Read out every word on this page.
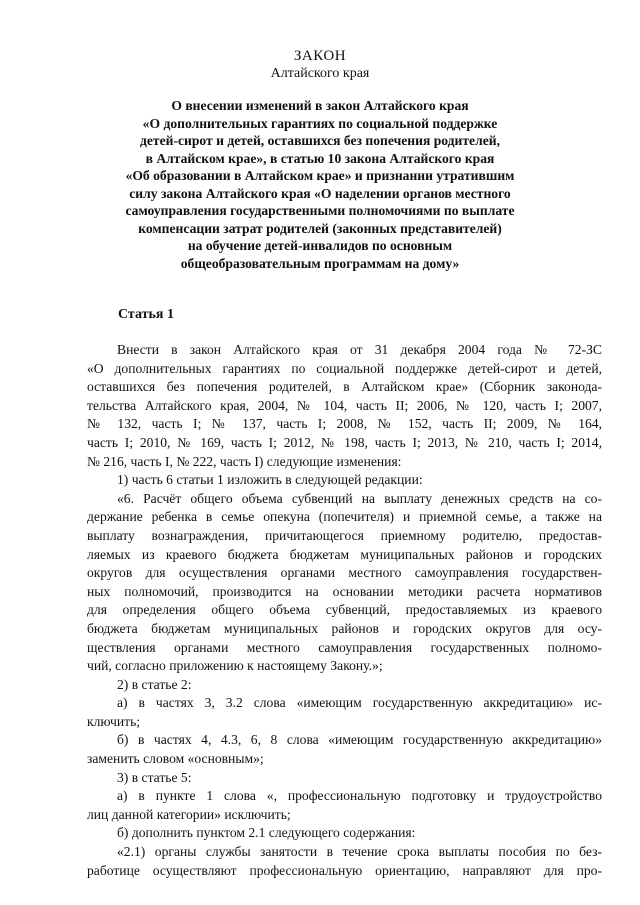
ЗАКОН
Алтайского края
О внесении изменений в закон Алтайского края
«О дополнительных гарантиях по социальной поддержке
детей-сирот и детей, оставшихся без попечения родителей,
в Алтайском крае», в статью 10 закона Алтайского края
«Об образовании в Алтайском крае» и признании утратившим
силу закона Алтайского края «О наделении органов местного
самоуправления государственными полномочиями по выплате
компенсации затрат родителей (законных представителей)
на обучение детей-инвалидов по основным
общеобразовательным программам на дому»
Статья 1
Внести в закон Алтайского края от 31 декабря 2004 года № 72-ЗС
«О дополнительных гарантиях по социальной поддержке детей-сирот и детей,
оставшихся без попечения родителей, в Алтайском крае» (Сборник законода-
тельства Алтайского края, 2004, № 104, часть II; 2006, № 120, часть I; 2007,
№ 132, часть I; № 137, часть I; 2008, № 152, часть II; 2009, № 164,
часть I; 2010, № 169, часть I; 2012, № 198, часть I; 2013, № 210, часть I; 2014,
№ 216, часть I, № 222, часть I) следующие изменения:
1) часть 6 статьи 1 изложить в следующей редакции:
«6. Расчёт общего объема субвенций на выплату денежных средств на со-
держание ребенка в семье опекуна (попечителя) и приемной семье, а также на
выплату вознаграждения, причитающегося приемному родителю, предостав-
ляемых из краевого бюджета бюджетам муниципальных районов и городских
округов для осуществления органами местного самоуправления государствен-
ных полномочий, производится на основании методики расчета нормативов
для определения общего объема субвенций, предоставляемых из краевого
бюджета бюджетам муниципальных районов и городских округов для осу-
ществления органами местного самоуправления государственных полномо-
чий, согласно приложению к настоящему Закону.»;
2) в статье 2:
а) в частях 3, 3.2 слова «имеющим государственную аккредитацию» ис-
ключить;
б) в частях 4, 4.3, 6, 8 слова «имеющим государственную аккредитацию»
заменить словом «основным»;
3) в статье 5:
а) в пункте 1 слова «, профессиональную подготовку и трудоустройство
лиц данной категории» исключить;
б) дополнить пунктом 2.1 следующего содержания:
«2.1) органы службы занятости в течение срока выплаты пособия по без-
работице осуществляют профессиональную ориентацию, направляют для про-
